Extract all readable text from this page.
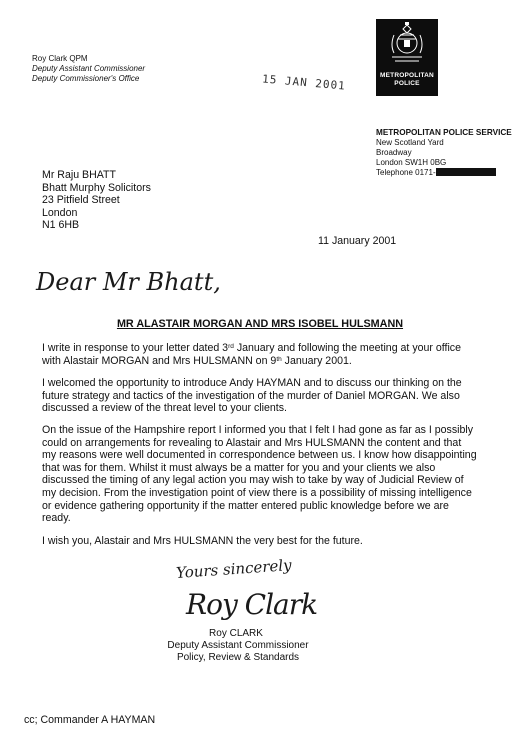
Roy Clark QPM
Deputy Assistant Commissioner
Deputy Commissioner's Office	15 JAN 2001	METROPOLITAN
POLICE
METROPOLITAN POLICE SERVICE
New Scotland Yard
Broadway
London SW1H 0BG
Telephone 0171-
Mr Raju BHATT
Bhatt Murphy Solicitors
23 Pitfield Street
London
N1 6HB
11 January 2001
Dear Mr Bhatt,
MR ALASTAIR MORGAN AND MRS ISOBEL HULSMANN

I write in response to your letter dated 3rd January and following the meeting at your office with Alastair MORGAN and Mrs HULSMANN on 9th January 2001.

I welcomed the opportunity to introduce Andy HAYMAN and to discuss our thinking on the future strategy and tactics of the investigation of the murder of Daniel MORGAN. We also discussed a review of the threat level to your clients.

On the issue of the Hampshire report I informed you that I felt I had gone as far as I possibly could on arrangements for revealing to Alastair and Mrs HULSMANN the content and that my reasons were well documented in correspondence between us. I know how disappointing that was for them. Whilst it must always be a matter for you and your clients we also discussed the timing of any legal action you may wish to take by way of Judicial Review of my decision. From the investigation point of view there is a possibility of missing intelligence or evidence gathering opportunity if the matter entered public knowledge before we are ready.

I wish you, Alastair and Mrs HULSMANN the very best for the future.

Yours sincerely
Roy Clark
Roy CLARK
Deputy Assistant Commissioner
Policy, Review & Standards
cc; Commander A HAYMAN
